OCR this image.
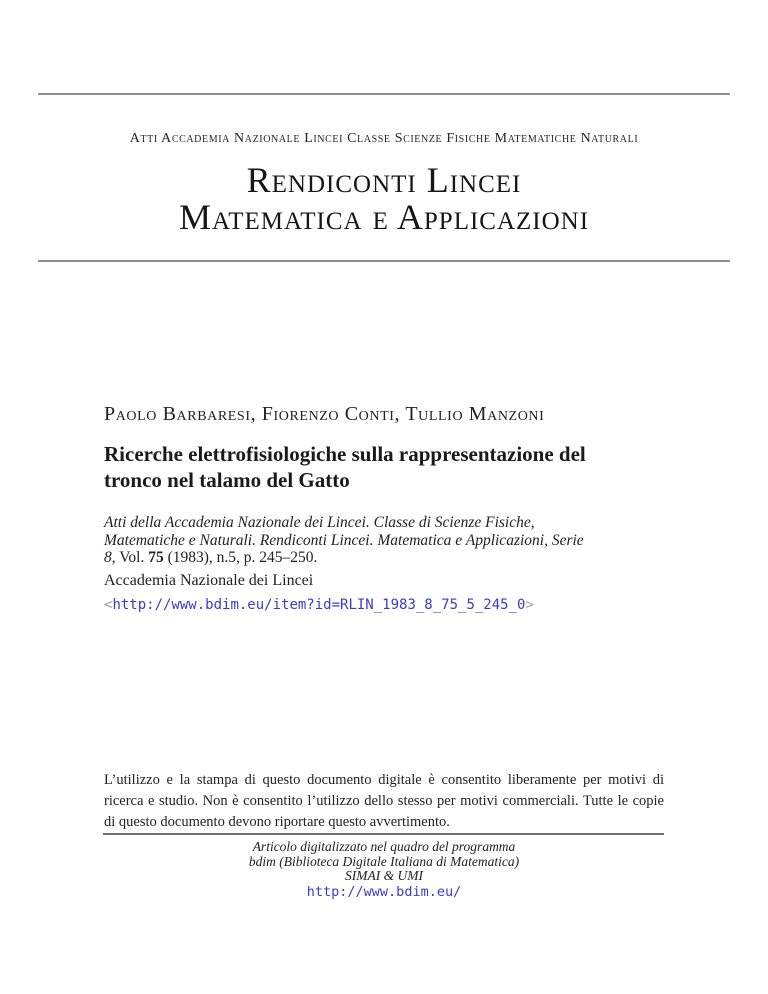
Atti Accademia Nazionale Lincei Classe Scienze Fisiche Matematiche Naturali
Rendiconti Lincei
Matematica e Applicazioni
Paolo Barbaresi, Fiorenzo Conti, Tullio Manzoni
Ricerche elettrofisiologiche sulla rappresentazione del
tronco nel talamo del Gatto
Atti della Accademia Nazionale dei Lincei. Classe di Scienze Fisiche,
Matematiche e Naturali. Rendiconti Lincei. Matematica e Applicazioni, Serie
8, Vol. 75 (1983), n.5, p. 245–250.
Accademia Nazionale dei Lincei
<http://www.bdim.eu/item?id=RLIN_1983_8_75_5_245_0>
L’utilizzo e la stampa di questo documento digitale è consentito liberamente per motivi di ricerca e studio. Non è consentito l’utilizzo dello stesso per motivi commerciali. Tutte le copie di questo documento devono riportare questo avvertimento.
Articolo digitalizzato nel quadro del programma
bdim (Biblioteca Digitale Italiana di Matematica)
SIMAI & UMI
http://www.bdim.eu/
